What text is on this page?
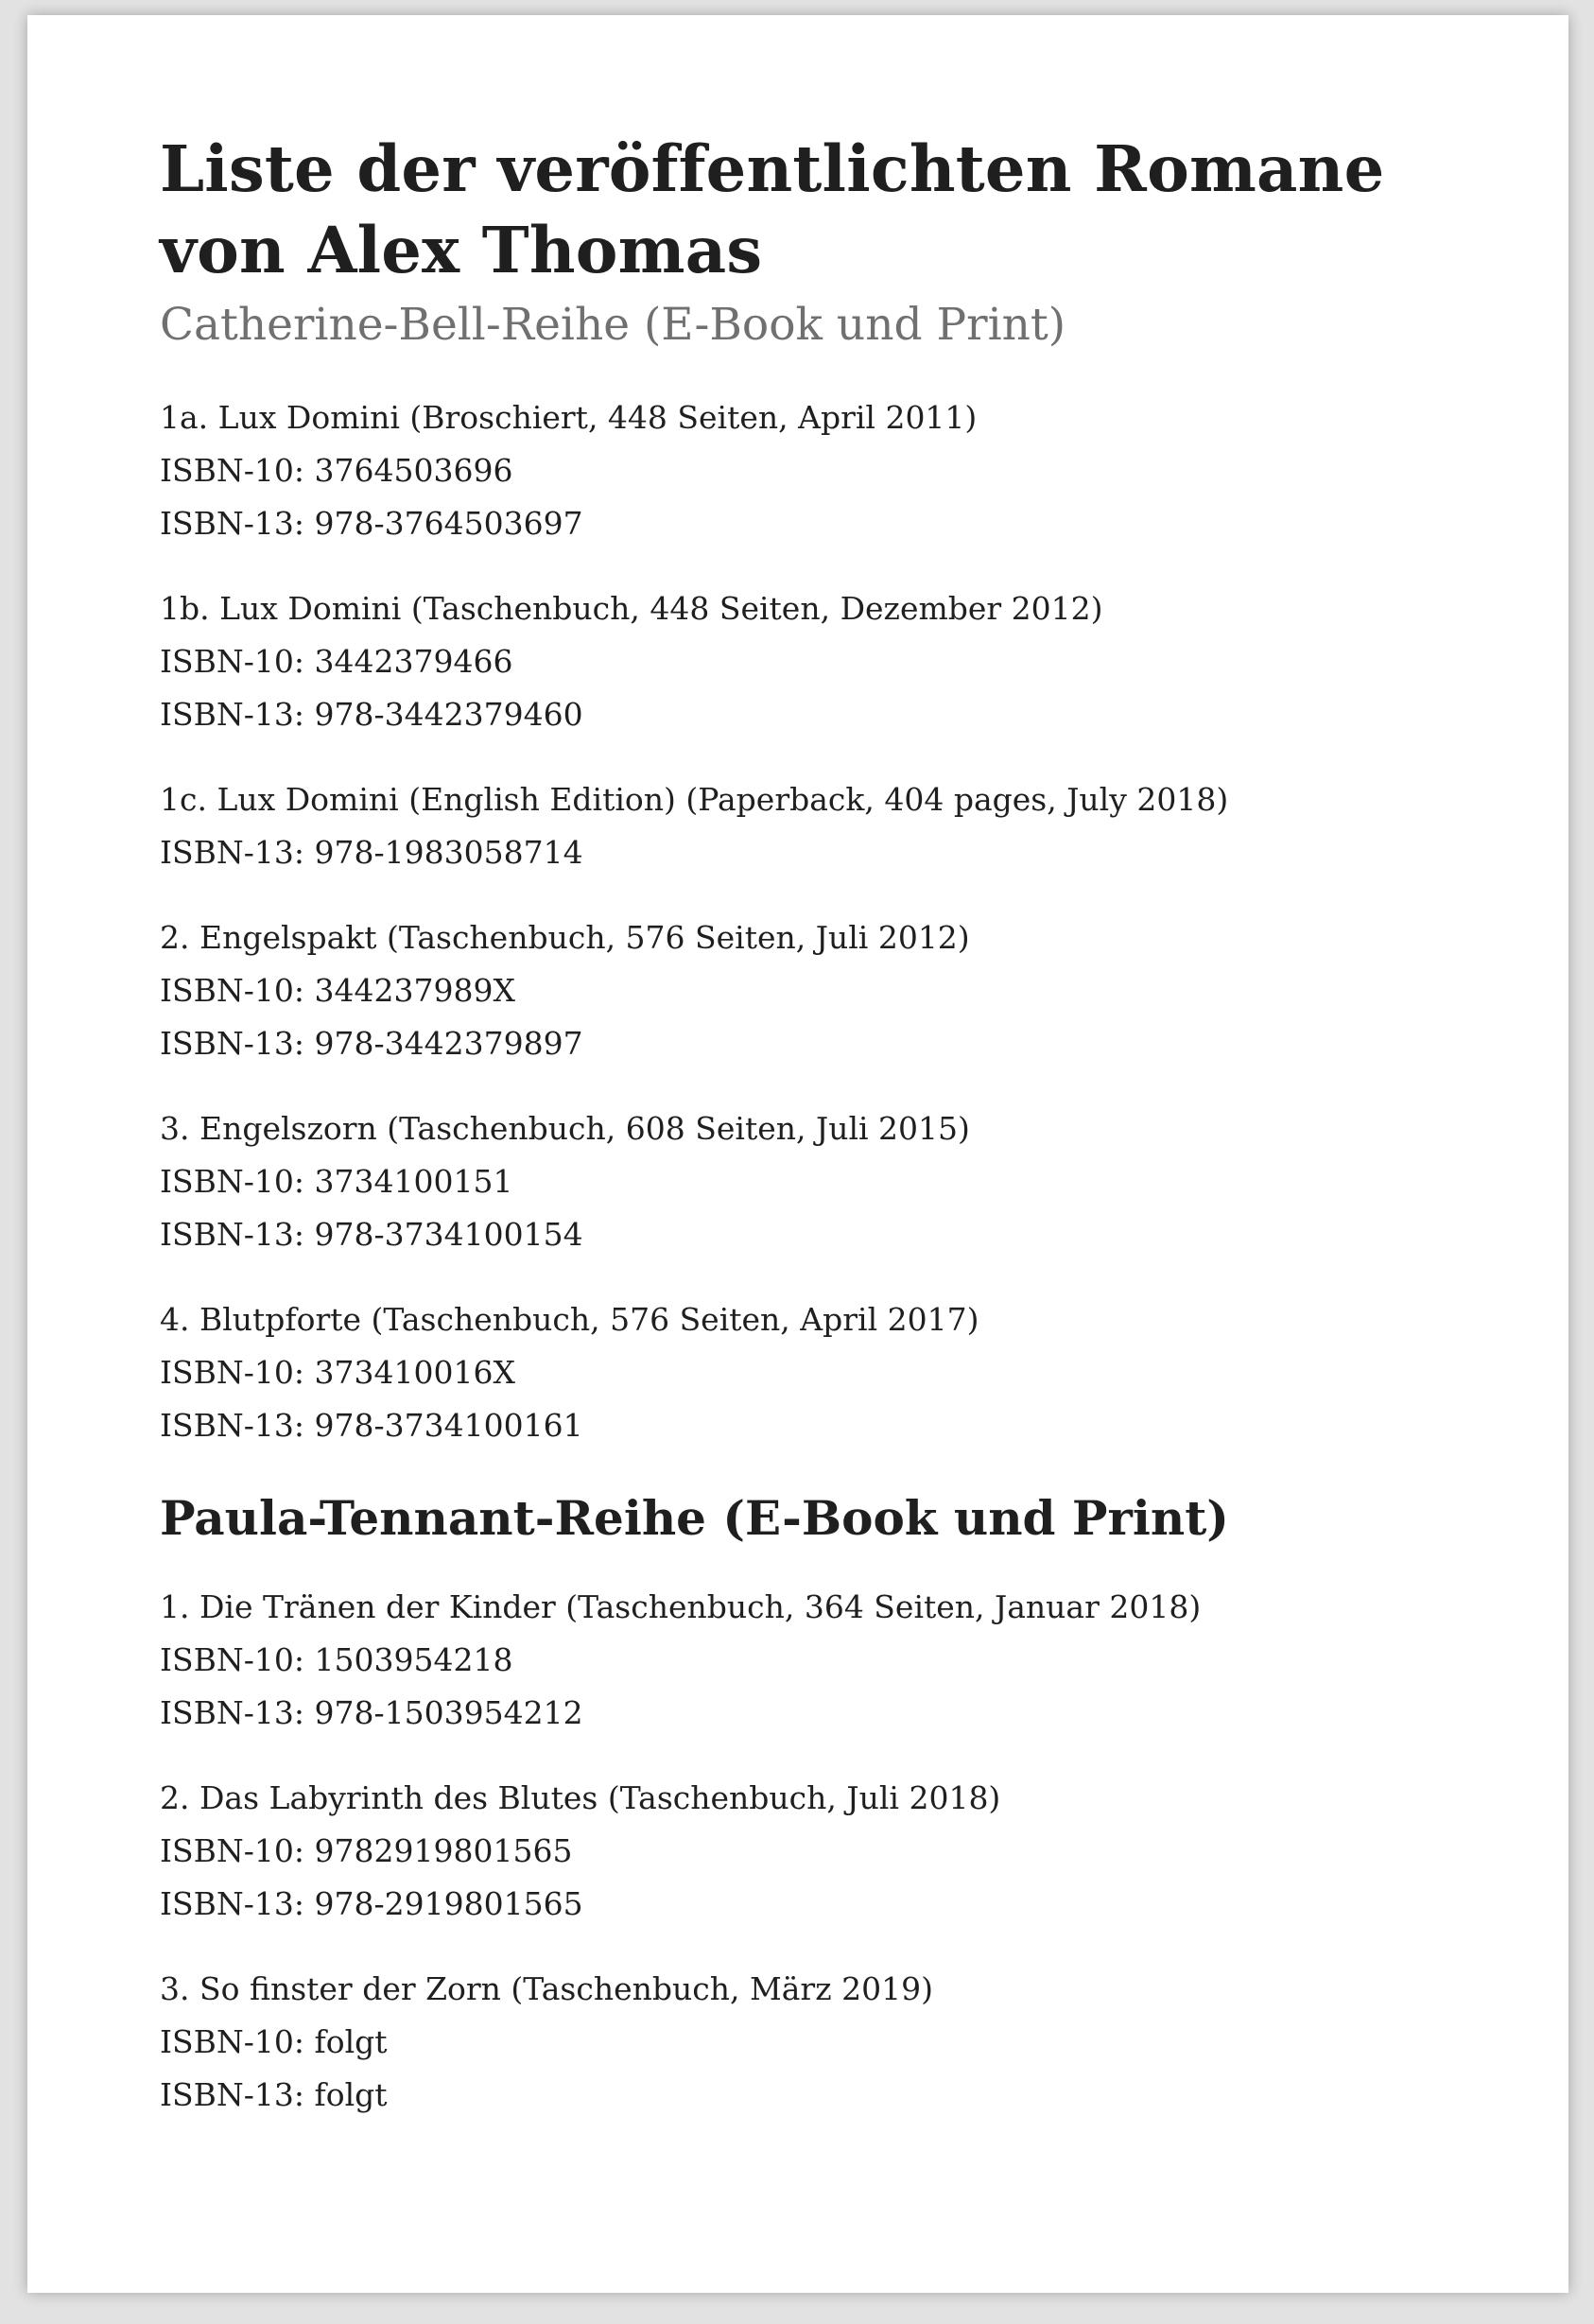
Liste der veröffentlichten Romane von Alex Thomas
Catherine-Bell-Reihe (E-Book und Print)
1a. Lux Domini (Broschiert, 448 Seiten, April 2011)
ISBN-10: 3764503696
ISBN-13: 978-3764503697
1b. Lux Domini (Taschenbuch, 448 Seiten, Dezember 2012)
ISBN-10: 3442379466
ISBN-13: 978-3442379460
1c. Lux Domini (English Edition) (Paperback, 404 pages, July 2018)
ISBN-13: 978-1983058714
2. Engelspakt (Taschenbuch, 576 Seiten, Juli 2012)
ISBN-10: 344237989X
ISBN-13: 978-3442379897
3. Engelszorn (Taschenbuch, 608 Seiten, Juli 2015)
ISBN-10: 3734100151
ISBN-13: 978-3734100154
4. Blutpforte (Taschenbuch, 576 Seiten, April 2017)
ISBN-10: 373410016X
ISBN-13: 978-3734100161
Paula-Tennant-Reihe (E-Book und Print)
1. Die Tränen der Kinder (Taschenbuch, 364 Seiten, Januar 2018)
ISBN-10: 1503954218
ISBN-13: 978-1503954212
2. Das Labyrinth des Blutes (Taschenbuch, Juli 2018)
ISBN-10: 9782919801565
ISBN-13: 978-2919801565
3. So finster der Zorn (Taschenbuch, März 2019)
ISBN-10: folgt
ISBN-13: folgt
